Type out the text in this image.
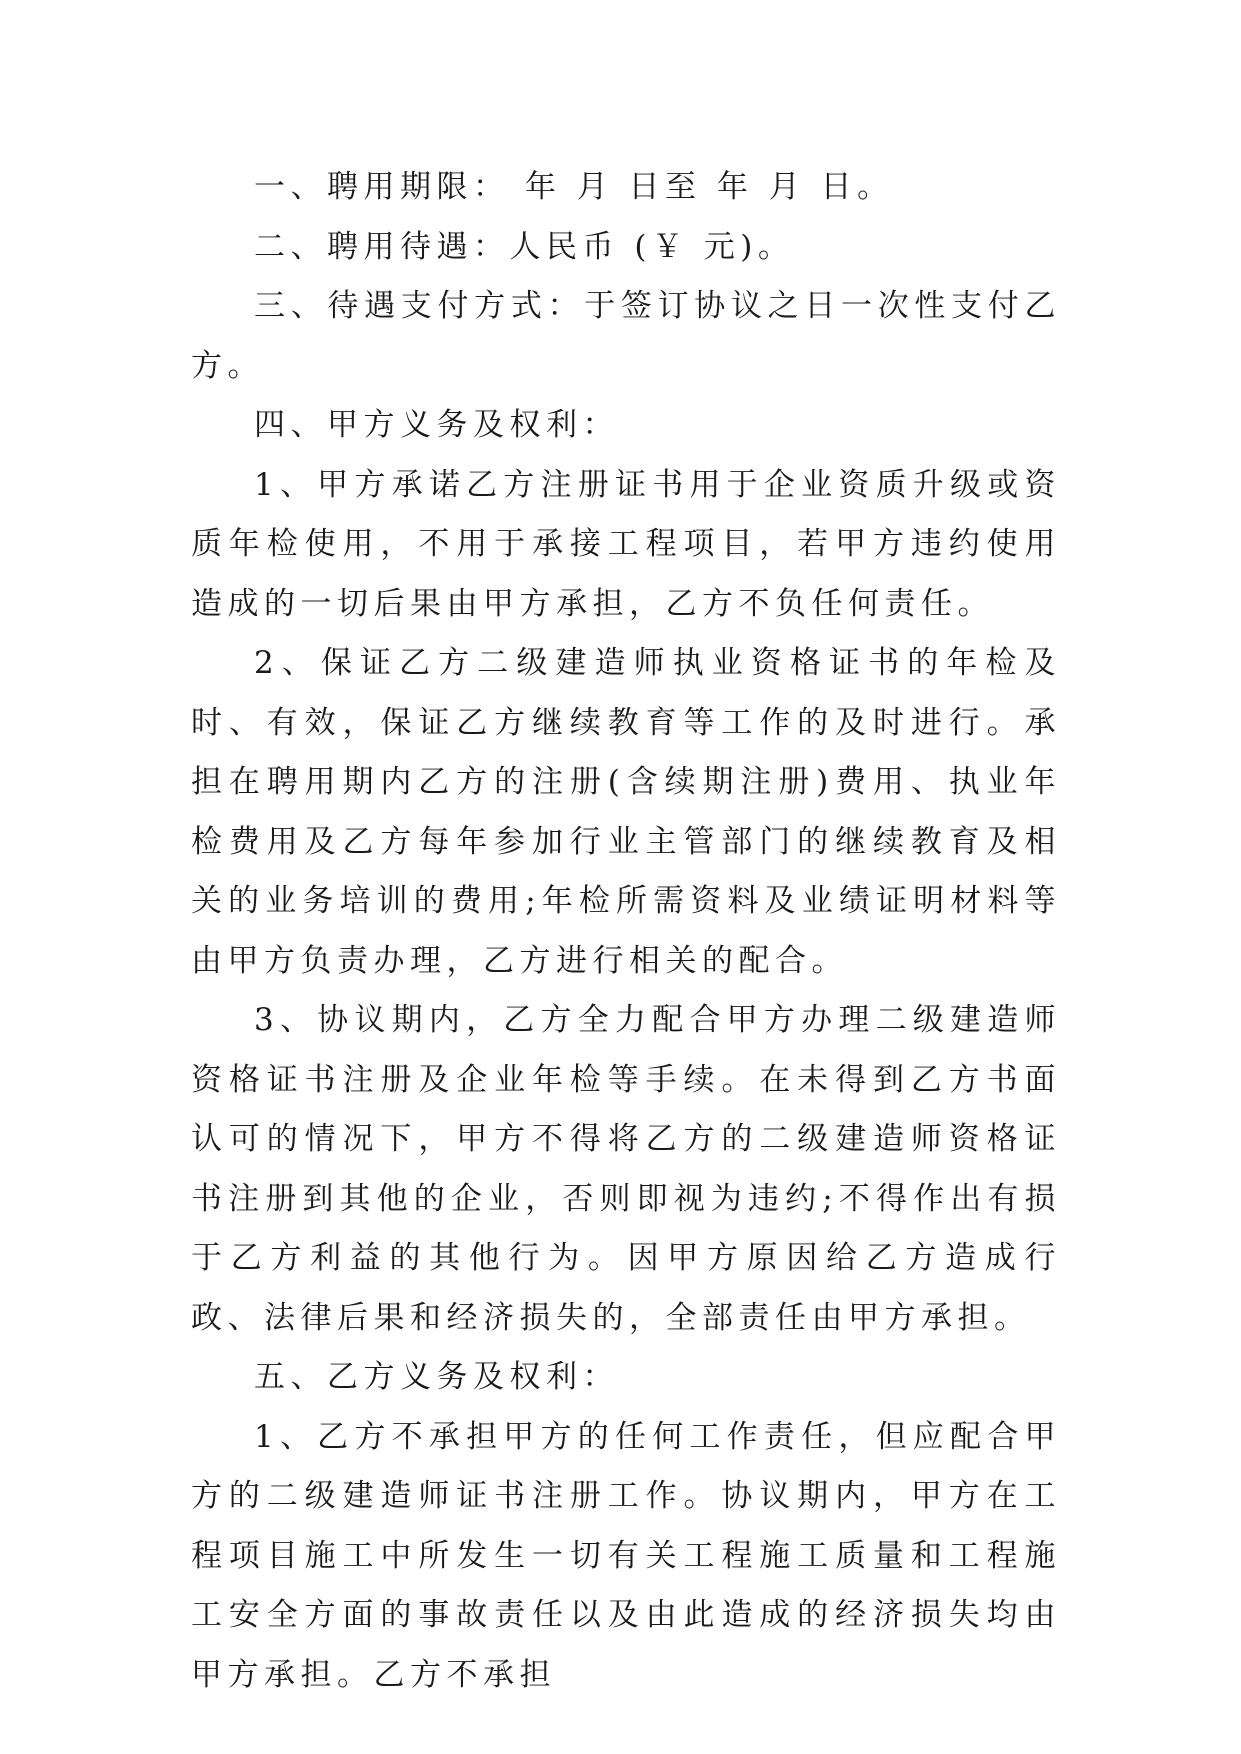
一、聘用期限： 年 月 日至 年 月 日。

二、聘用待遇：人民币 (￥ 元)。

三、待遇支付方式：于签订协议之日一次性支付乙方。

四、甲方义务及权利：

1、甲方承诺乙方注册证书用于企业资质升级或资质年检使用，不用于承接工程项目，若甲方违约使用造成的一切后果由甲方承担，乙方不负任何责任。

2、保证乙方二级建造师执业资格证书的年检及时、有效，保证乙方继续教育等工作的及时进行。承担在聘用期内乙方的注册(含续期注册)费用、执业年检费用及乙方每年参加行业主管部门的继续教育及相关的业务培训的费用;年检所需资料及业绩证明材料等由甲方负责办理，乙方进行相关的配合。

3、协议期内，乙方全力配合甲方办理二级建造师资格证书注册及企业年检等手续。在未得到乙方书面认可的情况下，甲方不得将乙方的二级建造师资格证书注册到其他的企业，否则即视为违约;不得作出有损于乙方利益的其他行为。因甲方原因给乙方造成行政、法律后果和经济损失的，全部责任由甲方承担。

五、乙方义务及权利：

1、乙方不承担甲方的任何工作责任，但应配合甲方的二级建造师证书注册工作。协议期内，甲方在工程项目施工中所发生一切有关工程施工质量和工程施工安全方面的事故责任以及由此造成的经济损失均由甲方承担。乙方不承担
